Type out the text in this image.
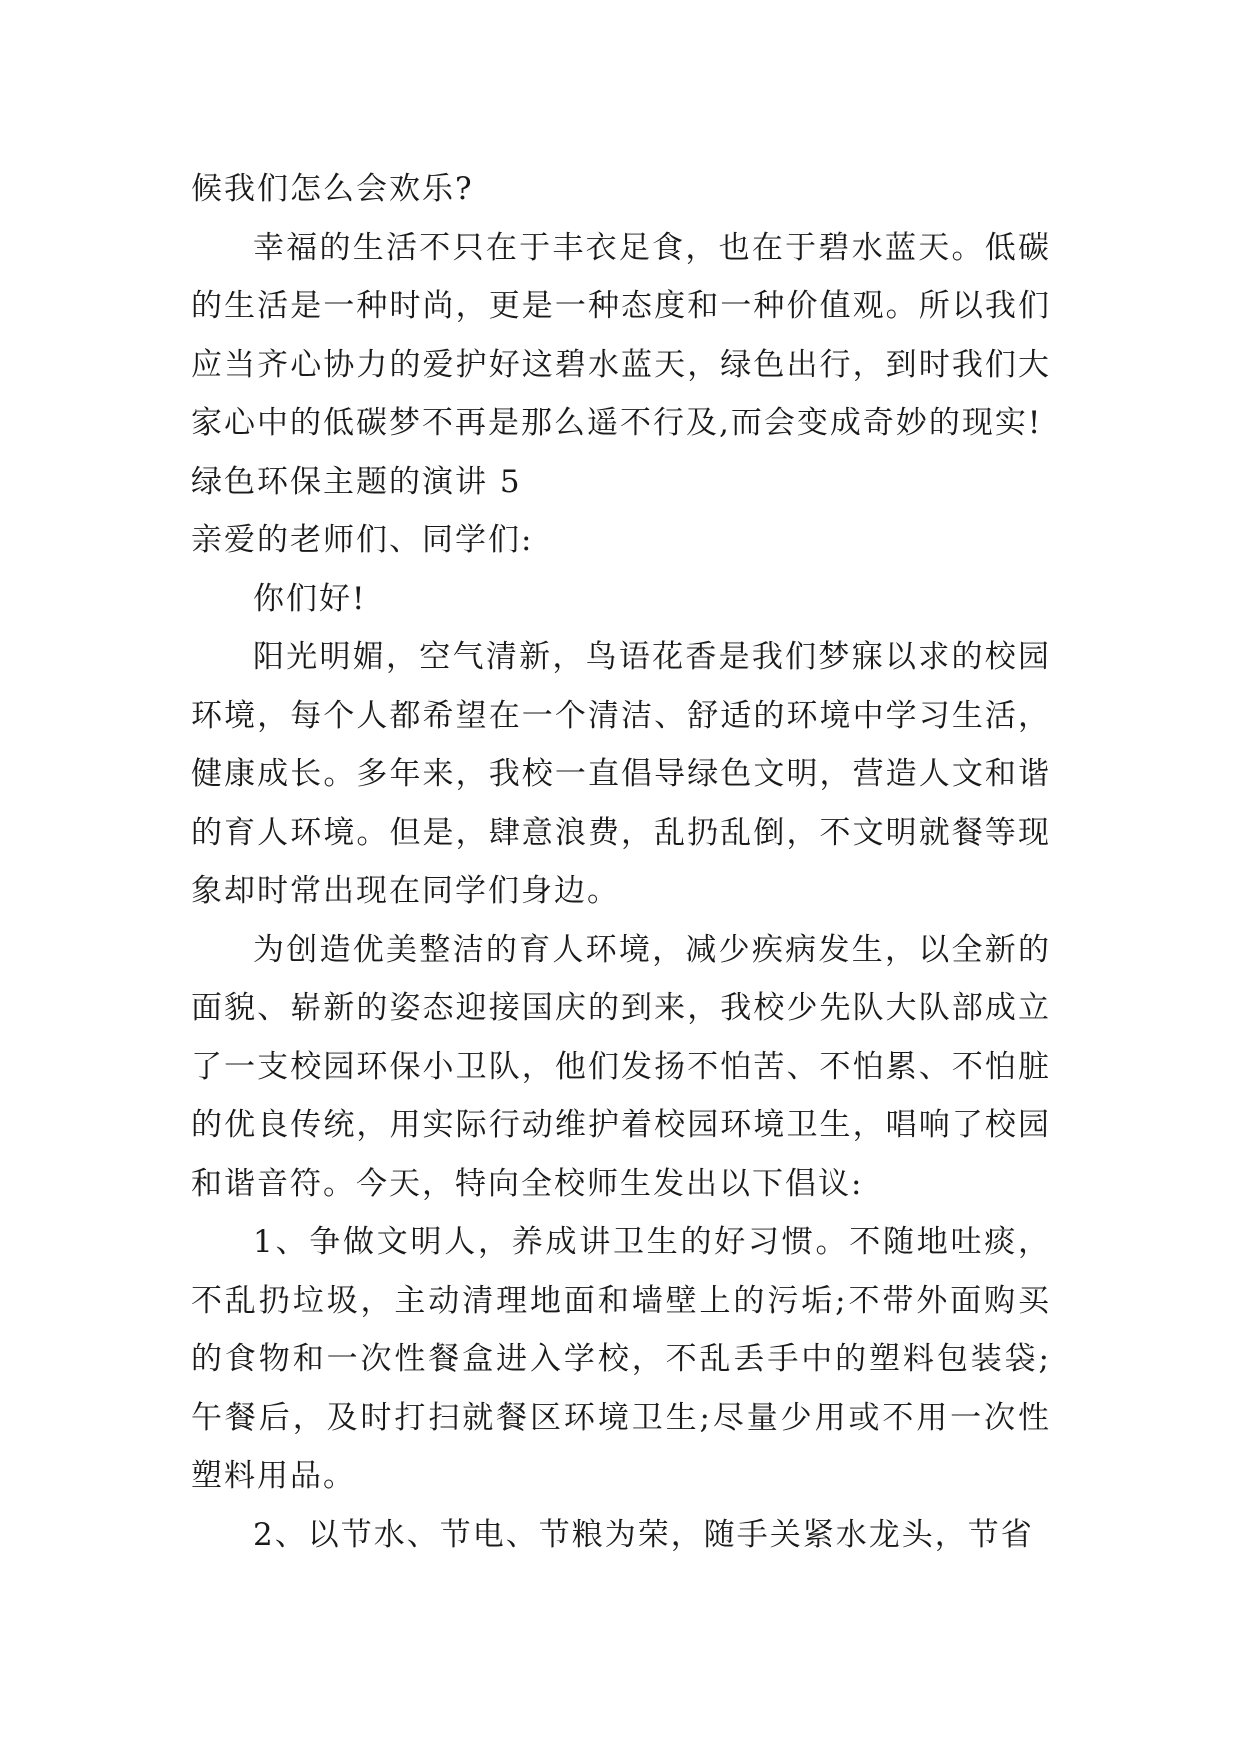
候我们怎么会欢乐?

幸福的生活不只在于丰衣足食，也在于碧水蓝天。低碳的生活是一种时尚，更是一种态度和一种价值观。所以我们应当齐心协力的爱护好这碧水蓝天，绿色出行，到时我们大家心中的低碳梦不再是那么遥不行及,而会变成奇妙的现实!

绿色环保主题的演讲 5

亲爱的老师们、同学们:

你们好!

阳光明媚，空气清新，鸟语花香是我们梦寐以求的校园环境，每个人都希望在一个清洁、舒适的环境中学习生活，健康成长。多年来，我校一直倡导绿色文明，营造人文和谐的育人环境。但是，肆意浪费，乱扔乱倒，不文明就餐等现象却时常出现在同学们身边。

为创造优美整洁的育人环境，减少疾病发生，以全新的面貌、崭新的姿态迎接国庆的到来，我校少先队大队部成立了一支校园环保小卫队，他们发扬不怕苦、不怕累、不怕脏的优良传统，用实际行动维护着校园环境卫生，唱响了校园和谐音符。今天，特向全校师生发出以下倡议:

1、争做文明人，养成讲卫生的好习惯。不随地吐痰，不乱扔垃圾，主动清理地面和墙壁上的污垢;不带外面购买的食物和一次性餐盒进入学校，不乱丢手中的塑料包装袋;午餐后，及时打扫就餐区环境卫生;尽量少用或不用一次性塑料用品。

2、以节水、节电、节粮为荣，随手关紧水龙头，节省
